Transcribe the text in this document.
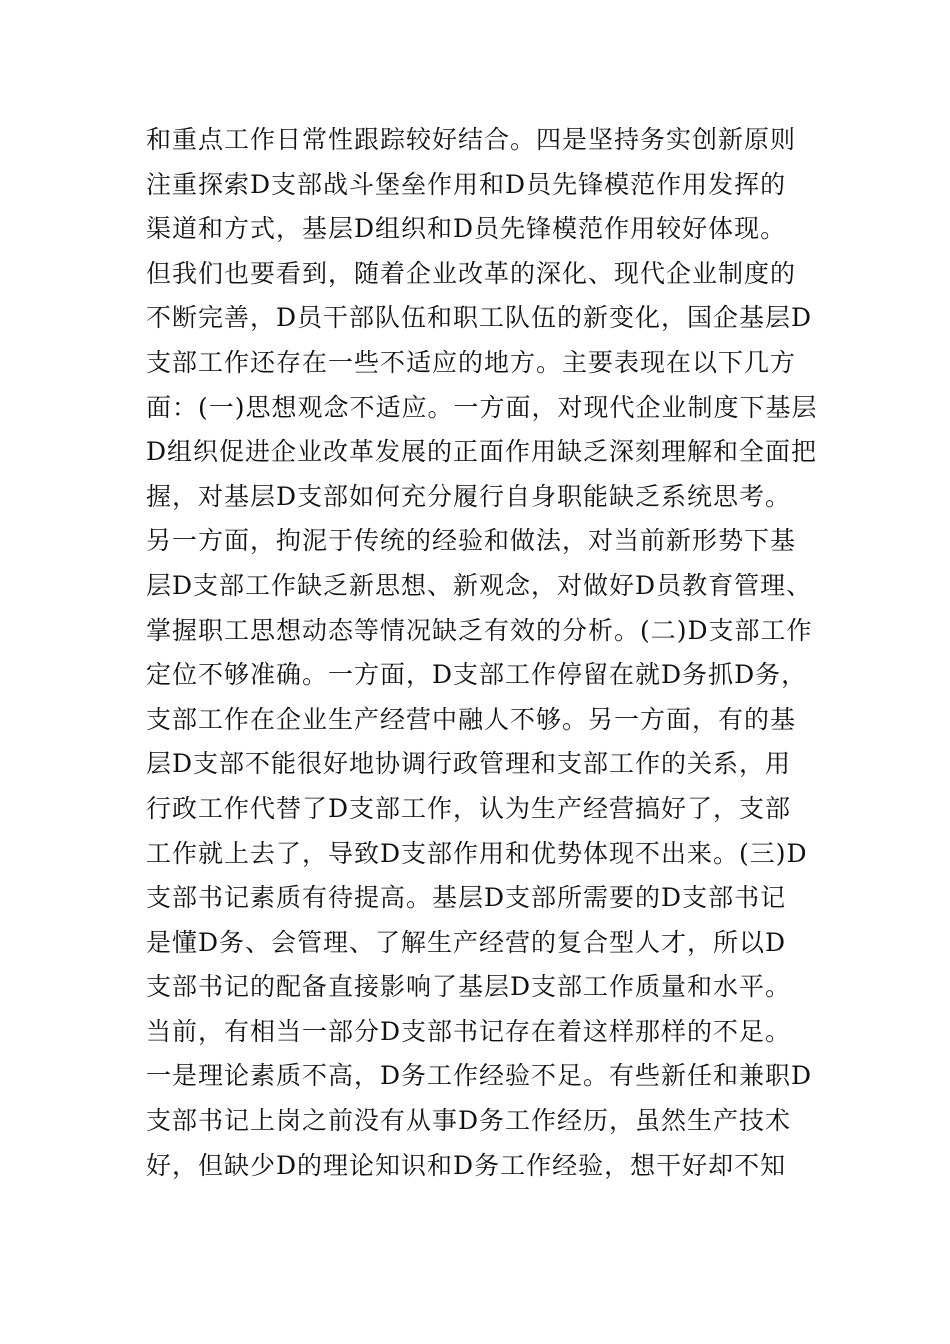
和重点工作日常性跟踪较好结合。四是坚持务实创新原则
注重探索D支部战斗堡垒作用和D员先锋模范作用发挥的
渠道和方式，基层D组织和D员先锋模范作用较好体现。
但我们也要看到，随着企业改革的深化、现代企业制度的
不断完善，D员干部队伍和职工队伍的新变化，国企基层D
支部工作还存在一些不适应的地方。主要表现在以下几方
面：(一)思想观念不适应。一方面，对现代企业制度下基层
D组织促进企业改革发展的正面作用缺乏深刻理解和全面把
握，对基层D支部如何充分履行自身职能缺乏系统思考。
另一方面，拘泥于传统的经验和做法，对当前新形势下基
层D支部工作缺乏新思想、新观念，对做好D员教育管理、
掌握职工思想动态等情况缺乏有效的分析。(二)D支部工作
定位不够准确。一方面，D支部工作停留在就D务抓D务，
支部工作在企业生产经营中融人不够。另一方面，有的基
层D支部不能很好地协调行政管理和支部工作的关系，用
行政工作代替了D支部工作，认为生产经营搞好了，支部
工作就上去了，导致D支部作用和优势体现不出来。(三)D
支部书记素质有待提高。基层D支部所需要的D支部书记
是懂D务、会管理、了解生产经营的复合型人才，所以D
支部书记的配备直接影响了基层D支部工作质量和水平。
当前，有相当一部分D支部书记存在着这样那样的不足。
一是理论素质不高，D务工作经验不足。有些新任和兼职D
支部书记上岗之前没有从事D务工作经历，虽然生产技术
好，但缺少D的理论知识和D务工作经验，想干好却不知
